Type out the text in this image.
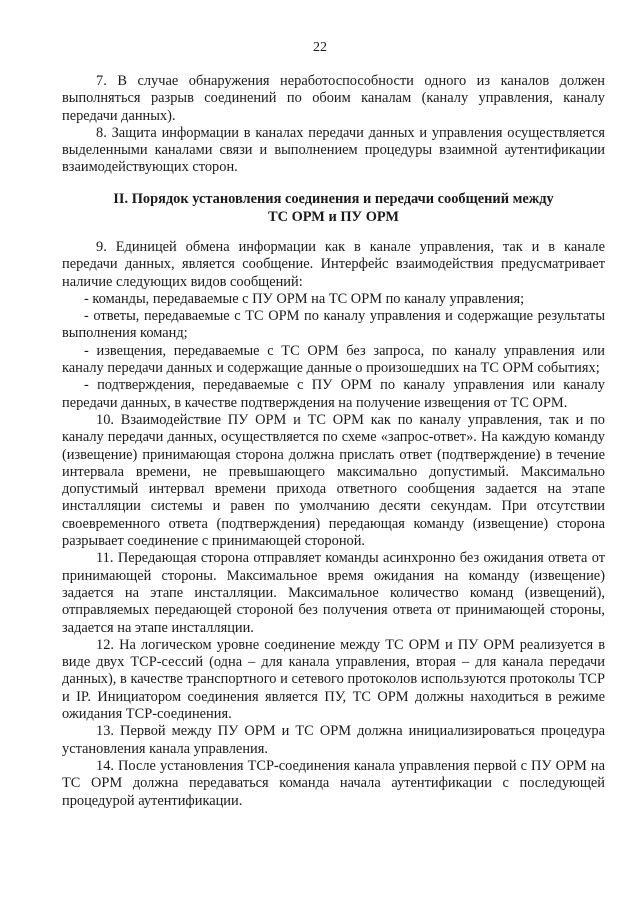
22

7. В случае обнаружения неработоспособности одного из каналов должен выполняться разрыв соединений по обоим каналам (каналу управления, каналу передачи данных).

8. Защита информации в каналах передачи данных и управления осуществляется выделенными каналами связи и выполнением процедуры взаимной аутентификации взаимодействующих сторон.

II. Порядок установления соединения и передачи сообщений между
ТС ОРМ и ПУ ОРМ

9. Единицей обмена информации как в канале управления, так и в канале передачи данных, является сообщение. Интерфейс взаимодействия предусматривает наличие следующих видов сообщений:

- команды, передаваемые с ПУ ОРМ на ТС ОРМ по каналу управления;

- ответы, передаваемые с ТС ОРМ по каналу управления и содержащие результаты выполнения команд;

- извещения, передаваемые с ТС ОРМ без запроса, по каналу управления или каналу передачи данных и содержащие данные о произошедших на ТС ОРМ событиях;

- подтверждения, передаваемые с ПУ ОРМ по каналу управления или каналу передачи данных, в качестве подтверждения на получение извещения от ТС ОРМ.

10. Взаимодействие ПУ ОРМ и ТС ОРМ как по каналу управления, так и по каналу передачи данных, осуществляется по схеме «запрос-ответ». На каждую команду (извещение) принимающая сторона должна прислать ответ (подтверждение) в течение интервала времени, не превышающего максимально допустимый. Максимально допустимый интервал времени прихода ответного сообщения задается на этапе инсталляции системы и равен по умолчанию десяти секундам. При отсутствии своевременного ответа (подтверждения) передающая команду (извещение) сторона разрывает соединение с принимающей стороной.

11. Передающая сторона отправляет команды асинхронно без ожидания ответа от принимающей стороны. Максимальное время ожидания на команду (извещение) задается на этапе инсталляции. Максимальное количество команд (извещений), отправляемых передающей стороной без получения ответа от принимающей стороны, задается на этапе инсталляции.

12. На логическом уровне соединение между ТС ОРМ и ПУ ОРМ реализуется в виде двух TCP-сессий (одна – для канала управления, вторая – для канала передачи данных), в качестве транспортного и сетевого протоколов используются протоколы TCP и IP. Инициатором соединения является ПУ, ТС ОРМ должны находиться в режиме ожидания TCP-соединения.

13. Первой между ПУ ОРМ и ТС ОРМ должна инициализироваться процедура установления канала управления.

14. После установления TCP-соединения канала управления первой с ПУ ОРМ на ТС ОРМ должна передаваться команда начала аутентификации с последующей процедурой аутентификации.
